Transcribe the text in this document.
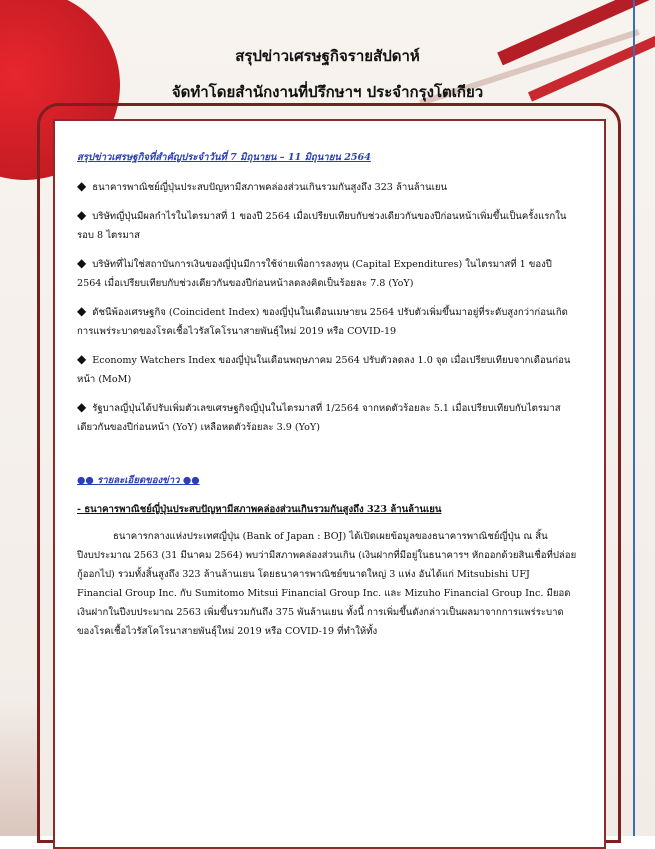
สรุปข่าวเศรษฐกิจรายสัปดาห์
จัดทำโดยสำนักงานที่ปรึกษาฯ ประจำกรุงโตเกียว
สรุปข่าวเศรษฐกิจที่สำคัญประจำวันที่ 7 มิถุนายน – 11 มิถุนายน 2564
◆ ธนาคารพาณิชย์ญี่ปุ่นประสบปัญหามีสภาพคล่องส่วนเกินรวมกันสูงถึง 323 ล้านล้านเยน
◆ บริษัทญี่ปุ่นมีผลกำไรในไตรมาสที่ 1 ของปี 2564 เมื่อเปรียบเทียบกับช่วงเดียวกันของปีก่อนหน้าเพิ่มขึ้นเป็นครั้งแรกในรอบ 8 ไตรมาส
◆ บริษัทที่ไม่ใช่สถาบันการเงินของญี่ปุ่นมีการใช้จ่ายเพื่อการลงทุน (Capital Expenditures) ในไตรมาสที่ 1 ของปี 2564 เมื่อเปรียบเทียบกับช่วงเดียวกันของปีก่อนหน้าลดลงคิดเป็นร้อยละ 7.8 (YoY)
◆ ดัชนีพ้องเศรษฐกิจ (Coincident Index) ของญี่ปุ่นในเดือนเมษายน 2564 ปรับตัวเพิ่มขึ้นมาอยู่ที่ระดับสูงกว่าก่อนเกิดการแพร่ระบาดของโรคเชื้อไวรัสโคโรนาสายพันธุ์ใหม่ 2019 หรือ COVID-19
◆ Economy Watchers Index ของญี่ปุ่นในเดือนพฤษภาคม 2564 ปรับตัวลดลง 1.0 จุด เมื่อเปรียบเทียบจากเดือนก่อนหน้า (MoM)
◆ รัฐบาลญี่ปุ่นได้ปรับเพิ่มตัวเลขเศรษฐกิจญี่ปุ่นในไตรมาสที่ 1/2564 จากหดตัวร้อยละ 5.1 เมื่อเปรียบเทียบกับไตรมาสเดียวกันของปีก่อนหน้า (YoY) เหลือหดตัวร้อยละ 3.9 (YoY)
●● รายละเอียดของข่าว ●●
- ธนาคารพาณิชย์ญี่ปุ่นประสบปัญหามีสภาพคล่องส่วนเกินรวมกันสูงถึง 323 ล้านล้านเยน
ธนาคารกลางแห่งประเทศญี่ปุ่น (Bank of Japan : BOJ) ได้เปิดเผยข้อมูลของธนาคารพาณิชย์ญี่ปุ่น ณ สิ้นปีงบประมาณ 2563 (31 มีนาคม 2564) พบว่ามีสภาพคล่องส่วนเกิน (เงินฝากที่มีอยู่ในธนาคารฯ หักออกด้วยสินเชื่อที่ปล่อยกู้ออกไป) รวมทั้งสิ้นสูงถึง 323 ล้านล้านเยน โดยธนาคารพาณิชย์ขนาดใหญ่ 3 แห่ง อันได้แก่ Mitsubishi UFJ Financial Group Inc. กับ Sumitomo Mitsui Financial Group Inc. และ Mizuho Financial Group Inc. มียอดเงินฝากในปีงบประมาณ 2563 เพิ่มขึ้นรวมกันถึง 375 พันล้านเยน ทั้งนี้ การเพิ่มขึ้นดังกล่าวเป็นผลมาจากการแพร่ระบาดของโรคเชื้อไวรัสโคโรนาสายพันธุ์ใหม่ 2019 หรือ COVID-19 ที่ทำให้ทั้ง
